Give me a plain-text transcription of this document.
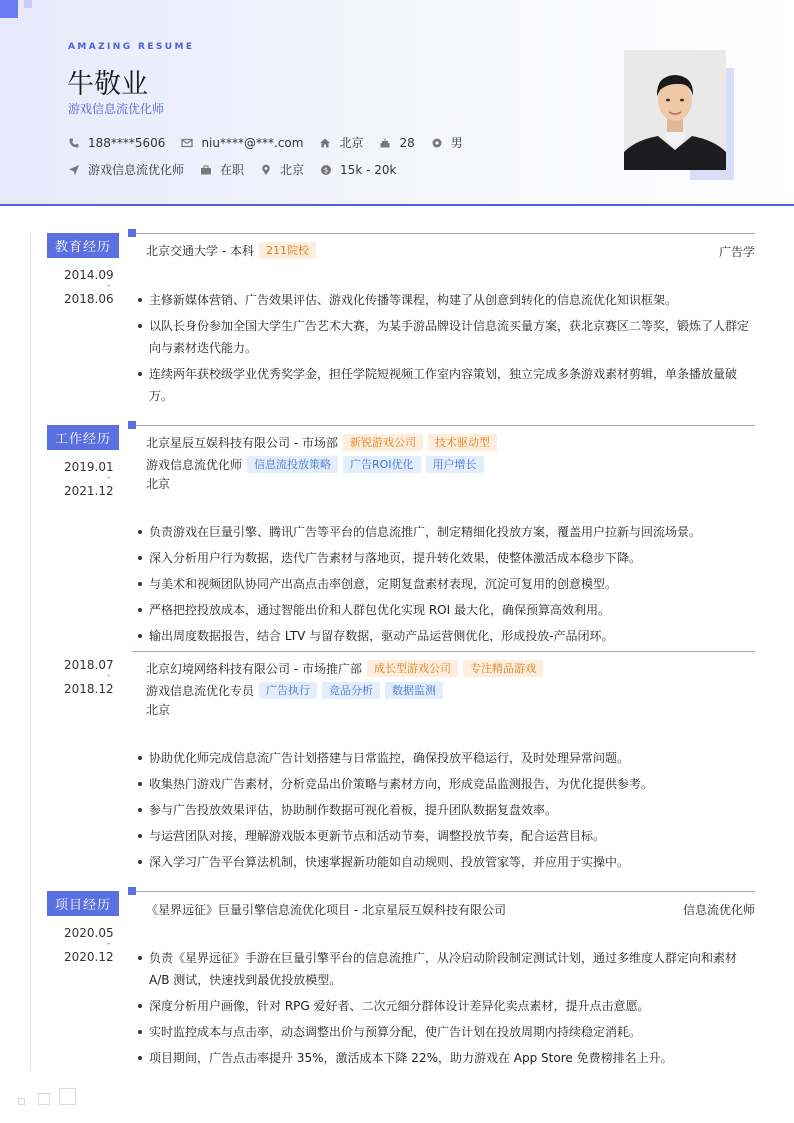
AMAZING RESUME
牛敬业
游戏信息流优化师
188****5606	niu****@***.com	北京	28	男
游戏信息流优化师	在职	北京	$ 15k - 20k
教育经历
2014.09
-
2018.06
北京交通大学 - 本科 211院校	广告学
主修新媒体营销、广告效果评估、游戏化传播等课程，构建了从创意到转化的信息流优化知识框架。
以队长身份参加全国大学生广告艺术大赛，为某手游品牌设计信息流买量方案，获北京赛区二等奖，锻炼了人群定向与素材迭代能力。
连续两年获校级学业优秀奖学金，担任学院短视频工作室内容策划，独立完成多条游戏素材剪辑，单条播放量破万。
工作经历
2019.01
-
2021.12
北京星辰互娱科技有限公司 - 市场部 新锐游戏公司 技术驱动型
游戏信息流优化师 信息流投放策略 广告ROI优化 用户增长
北京
负责游戏在巨量引擎、腾讯广告等平台的信息流推广，制定精细化投放方案，覆盖用户拉新与回流场景。
深入分析用户行为数据，迭代广告素材与落地页，提升转化效果，使整体激活成本稳步下降。
与美术和视频团队协同产出高点击率创意，定期复盘素材表现，沉淀可复用的创意模型。
严格把控投放成本，通过智能出价和人群包优化实现 ROI 最大化，确保预算高效利用。
输出周度数据报告，结合 LTV 与留存数据，驱动产品运营侧优化，形成投放-产品闭环。
2018.07
-
2018.12
北京幻境网络科技有限公司 - 市场推广部 成长型游戏公司 专注精品游戏
游戏信息流优化专员 广告执行 竞品分析 数据监测
北京
协助优化师完成信息流广告计划搭建与日常监控，确保投放平稳运行，及时处理异常问题。
收集热门游戏广告素材，分析竞品出价策略与素材方向，形成竞品监测报告，为优化提供参考。
参与广告投放效果评估，协助制作数据可视化看板，提升团队数据复盘效率。
与运营团队对接，理解游戏版本更新节点和活动节奏，调整投放节奏，配合运营目标。
深入学习广告平台算法机制，快速掌握新功能如自动规则、投放管家等，并应用于实操中。
项目经历
2020.05
-
2020.12
《星界远征》巨量引擎信息流优化项目 - 北京星辰互娱科技有限公司	信息流优化师
负责《星界远征》手游在巨量引擎平台的信息流推广，从冷启动阶段制定测试计划，通过多维度人群定向和素材A/B 测试，快速找到最优投放模型。
深度分析用户画像，针对 RPG 爱好者、二次元细分群体设计差异化卖点素材，提升点击意愿。
实时监控成本与点击率，动态调整出价与预算分配，使广告计划在投放周期内持续稳定消耗。
项目期间，广告点击率提升 35%，激活成本下降 22%，助力游戏在 App Store 免费榜排名上升。
